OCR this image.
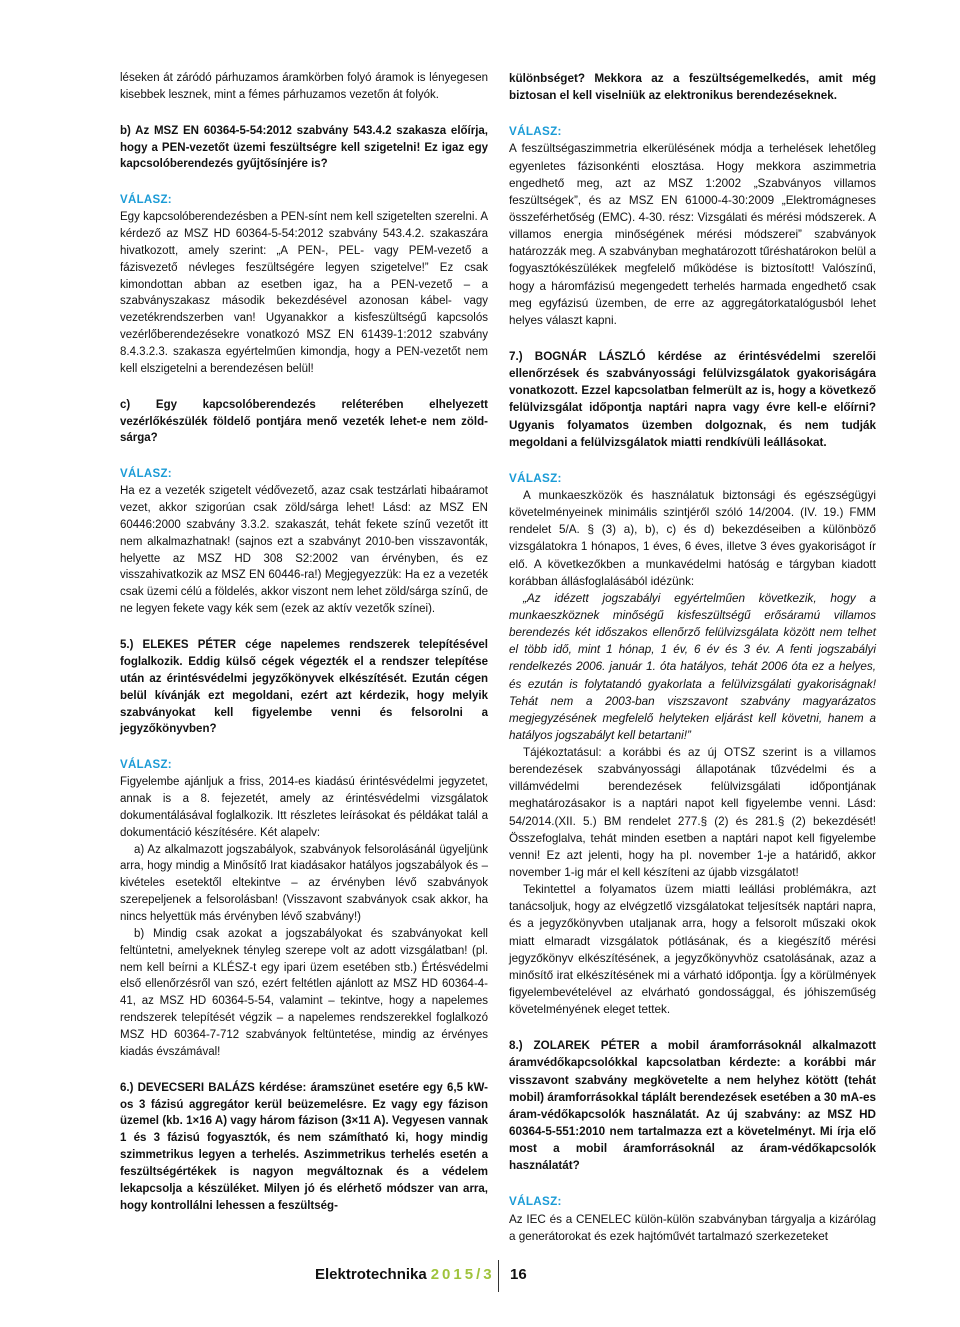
léseken át záródó párhuzamos áramkörben folyó áramok is lényegesen kisebbek lesznek, mint a fémes párhuzamos vezetőn át folyók.

b) Az MSZ EN 60364-5-54:2012 szabvány 543.4.2 szakasza előírja, hogy a PEN-vezetőt üzemi feszültségre kell szigetelni! Ez igaz egy kapcsolóberendezés gyűjtősínjére is?

VÁLASZ:

Egy kapcsolóberendezésben a PEN-sínt nem kell szigetelten szerelni. A kérdező az MSZ HD 60364-5-54:2012 szabvány 543.4.2. szakaszára hivatkozott, amely szerint: „A PEN-, PEL- vagy PEM-vezető a fázisvezető névleges feszültségére legyen szigetelve!” Ez csak kimondottan abban az esetben igaz, ha a PEN-vezető – a szabványszakasz második bekezdésével azonosan kábel- vagy vezetékrendszerben van! Ugyanakkor a kisfeszültségű kapcsolós vezérlőberendezésekre vonatkozó MSZ EN 61439-1:2012 szabvány 8.4.3.2.3. szakasza egyértelműen kimondja, hogy a PEN-vezetőt nem kell elszigetelni a berendezésen belül!

c) Egy kapcsolóberendezés reléterében elhelyezett vezérlőkészülék földelő pontjára menő vezeték lehet-e nem zöld-sárga?

VÁLASZ:

Ha ez a vezeték szigetelt védővezető, azaz csak testzárlati hibaáramot vezet, akkor szigorúan csak zöld/sárga lehet! Lásd: az MSZ EN 60446:2000 szabvány 3.3.2. szakaszát, tehát fekete színű vezetőt itt nem alkalmazhatnak! (sajnos ezt a szabványt 2010-ben visszavonták, helyette az MSZ HD 308 S2:2002 van érvényben, és ez visszahivatkozik az MSZ EN 60446-ra!) Megjegyezzük: Ha ez a vezeték csak üzemi célú a földelés, akkor viszont nem lehet zöld/sárga színű, de ne legyen fekete vagy kék sem (ezek az aktív vezetők színei).

5.) ELEKES PÉTER cége napelemes rendszerek telepítésével foglalkozik. Eddig külső cégek végezték el a rendszer telepítése után az érintésvédelmi jegyzőkönyvek elkészítését. Ezután cégen belül kívánják ezt megoldani, ezért azt kérdezik, hogy melyik szabványokat kell figyelembe venni és felsorolni a jegyzőkönyvben?

VÁLASZ:

Figyelembe ajánljuk a friss, 2014-es kiadású érintésvédelmi jegyzetet, annak is a 8. fejezetét, amely az érintésvédelmi vizsgálatok dokumentálásával foglalkozik. Itt részletes leírásokat és példákat talál a dokumentáció készítésére. Két alapelv:

a) Az alkalmazott jogszabályok, szabványok felsorolásánál ügyeljünk arra, hogy mindig a Minősítő Irat kiadásakor hatályos jogszabályok és – kivételes esetektől eltekintve – az érvényben lévő szabványok szerepeljenek a felsorolásban! (Visszavont szabványok csak akkor, ha nincs helyettük más érvényben lévő szabvány!)

b) Mindig csak azokat a jogszabályokat és szabványokat kell feltüntetni, amelyeknek tényleg szerepe volt az adott vizsgálatban! (pl. nem kell beírni a KLÉSZ-t egy ipari üzem esetében stb.) Értésvédelmi első ellenőrzésről van szó, ezért feltétlen ajánlott az MSZ HD 60364-4-41, az MSZ HD 60364-5-54, valamint – tekintve, hogy a napelemes rendszerek telepítését végzik – a napelemes rendszerekkel foglalkozó MSZ HD 60364-7-712 szabványok feltüntetése, mindig az érvényes kiadás évszámával!

6.) DEVECSERI BALÁZS kérdése: áramszünet esetére egy 6,5 kW-os 3 fázisú aggregátor kerül beüzemelésre. Ez vagy egy fázison üzemel (kb. 1×16 A) vagy három fázison (3×11 A). Vegyesen vannak 1 és 3 fázisú fogyasztók, és nem számítható ki, hogy mindig szimmetrikus legyen a terhelés. Aszimmetrikus terhelés esetén a feszültségértékek is nagyon megváltoznak és a védelem lekapcsolja a készüléket. Milyen jó és elérhető módszer van arra, hogy kontrollálni lehessen a feszültség-

különbséget? Mekkora az a feszültségemelkedés, amit még biztosan el kell viselniük az elektronikus berendezéseknek.

VÁLASZ:

A feszültségaszimmetria elkerülésének módja a terhelések lehetőleg egyenletes fázisonkénti elosztása. Hogy mekkora aszimmetria engedhető meg, azt az MSZ 1:2002 „Szabványos villamos feszültségek”, és az MSZ EN 61000-4-30:2009 „Elektromágneses összeférhetőség (EMC). 4-30. rész: Vizsgálati és mérési módszerek. A villamos energia minőségének mérési módszerei” szabványok határozzák meg. A szabványban meghatározott tűréshatárokon belül a fogyasztókészülékek megfelelő működése is biztosított! Valószínű, hogy a háromfázisú megengedett terhelés harmada engedhető csak meg egyfázisú üzemben, de erre az aggregátorkatalógusból lehet helyes választ kapni.

7.) BOGNÁR LÁSZLÓ kérdése az érintésvédelmi szerelői ellenőrzések és szabványossági felülvizsgálatok gyakoriságára vonatkozott. Ezzel kapcsolatban felmerült az is, hogy a következő felülvizsgálat időpontja naptári napra vagy évre kell-e előírni? Ugyanis folyamatos üzemben dolgoznak, és nem tudják megoldani a felülvizsgálatok miatti rendkívüli leállásokat.

VÁLASZ:

A munkaeszközök és használatuk biztonsági és egészségügyi követelményeinek minimális szintjéről szóló 14/2004. (IV. 19.) FMM rendelet 5/A. § (3) a), b), c) és d) bekezdéseiben a különböző vizsgálatokra 1 hónapos, 1 éves, 6 éves, illetve 3 éves gyakoriságot ír elő. A következőkben a munkavédelmi hatóság e tárgyban kiadott korábban állásfoglalásából idézünk:

„Az idézett jogszabályi egyértelműen következik, hogy a munkaeszköznek minőségű kisfeszültségű erősáramú villamos berendezés két időszakos ellenőrző felülvizsgálata között nem telhet el több idő, mint 1 hónap, 1 év, 6 év és 3 év. A fenti jogszabályi rendelkezés 2006. január 1. óta hatályos, tehát 2006 óta ez a helyes, és ezután is folytatandó gyakorlata a felülvizsgálati gyakoriságnak! Tehát nem a 2003-ban viszszavont szabvány magyarázatos megjegyzésének megfelelő helyteken eljárást kell követni, hanem a hatályos jogszabályt kell betartani!”

Tájékoztatásul: a korábbi és az új OTSZ szerint is a villamos berendezések szabványossági állapotának tűzvédelmi és a villámvédelmi berendezések felülvizsgálati időpontjának meghatározásakor is a naptári napot kell figyelembe venni. Lásd: 54/2014.(XII. 5.) BM rendelet 277.§ (2) és 281.§ (2) bekezdését! Összefoglalva, tehát minden esetben a naptári napot kell figyelembe venni! Ez azt jelenti, hogy ha pl. november 1-je a határidő, akkor november 1-ig már el kell készíteni az újabb vizsgálatot!

Tekintettel a folyamatos üzem miatti leállási problémákra, azt tanácsoljuk, hogy az elvégzetlő vizsgálatokat teljesítsék naptári napra, és a jegyzőkönyvben utaljanak arra, hogy a felsorolt műszaki okok miatt elmaradt vizsgálatok pótlásának, és a kiegészítő mérési jegyzőkönyv elkészítésének, a jegyzőkönyvhöz csatolásának, azaz a minősítő irat elkészítésének mi a várható időpontja. Így a körülmények figyelembevételével az elvárható gondossággal, és jóhiszeműség követelményének eleget tettek.

8.) ZOLAREK PÉTER a mobil áramforrásoknál alkalmazott áramvédőkapcsolókkal kapcsolatban kérdezte: a korábbi már visszavont szabvány megkövetelte a nem helyhez kötött (tehát mobil) áramforrásokkal táplált berendezések esetében a 30 mA-es áram-védőkapcsolók használatát. Az új szabvány: az MSZ HD 60364-5-551:2010 nem tartalmazza ezt a követelményt. Mi írja elő most a mobil áramforrásoknál az áram-védőkapcsolók használatát?

VÁLASZ:

Az IEC és a CENELEC külön-külön szabványban tárgyalja a kizárólag a generátorokat és ezek hajtóművét tartalmazó szerkezeteket

Elektrotechnika 2015/3 16
